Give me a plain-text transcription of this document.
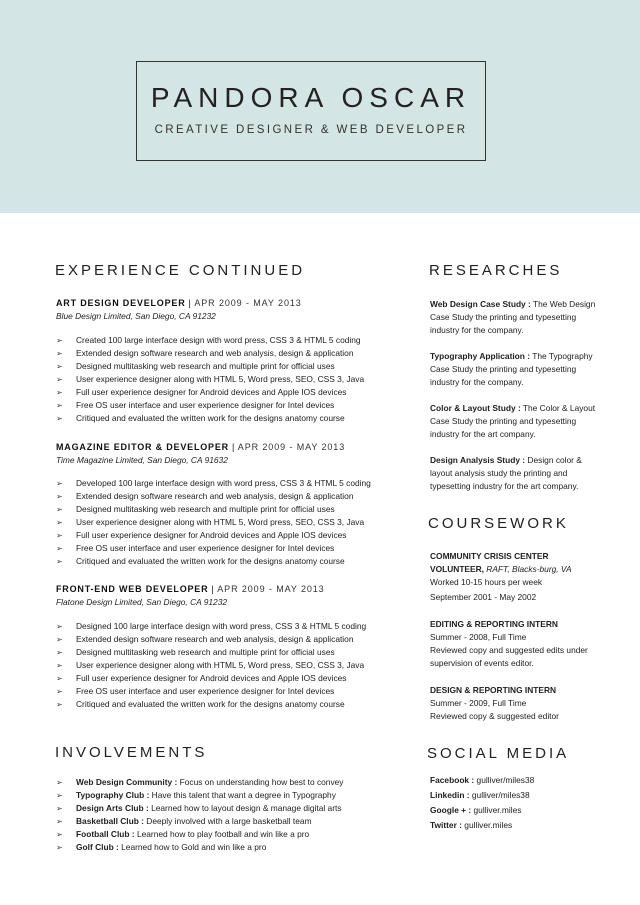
PANDORA OSCAR
CREATIVE DESIGNER & WEB DEVELOPER
EXPERIENCE CONTINUED
ART DESIGN DEVELOPER | APR 2009 - MAY 2013
Blue Design Limited, San Diego, CA 91232
➢ Created 100 large interface design with word press, CSS 3 & HTML 5 coding
➢ Extended design software research and web analysis, design & application
➢ Designed multitasking web research and multiple print for official uses
➢ User experience designer along with HTML 5, Word press, SEO, CSS 3, Java
➢ Full user experience designer for Android devices and Apple IOS devices
➢ Free OS user interface and user experience designer for Intel devices
➢ Critiqued and evaluated the written work for the designs anatomy course
MAGAZINE EDITOR & DEVELOPER | APR 2009 - MAY 2013
Time Magazine Limited, San Diego, CA 91632
➢ Developed 100 large interface design with word press, CSS 3 & HTML 5 coding
➢ Extended design software research and web analysis, design & application
➢ Designed multitasking web research and multiple print for official uses
➢ User experience designer along with HTML 5, Word press, SEO, CSS 3, Java
➢ Full user experience designer for Android devices and Apple IOS devices
➢ Free OS user interface and user experience designer for Intel devices
➢ Critiqued and evaluated the written work for the designs anatomy course
FRONT-END WEB DEVELOPER | APR 2009 - MAY 2013
Flatone Design Limited, San Diego, CA 91232
➢ Designed 100 large interface design with word press, CSS 3 & HTML 5 coding
➢ Extended design software research and web analysis, design & application
➢ Designed multitasking web research and multiple print for official uses
➢ User experience designer along with HTML 5, Word press, SEO, CSS 3, Java
➢ Full user experience designer for Android devices and Apple IOS devices
➢ Free OS user interface and user experience designer for Intel devices
➢ Critiqued and evaluated the written work for the designs anatomy course
INVOLVEMENTS
➢ Web Design Community : Focus on understanding how best to convey
➢ Typography Club : Have this talent that want a degree in Typography
➢ Design Arts Club : Learned how to layout design & manage digital arts
➢ Basketball Club : Deeply involved with a large basketball team
➢ Football Club : Learned how to play football and win like a pro
➢ Golf Club : Learned how to Gold and win like a pro
RESEARCHES
Web Design Case Study : The Web Design Case Study the printing and typesetting industry for the company.
Typography Application : The Typography Case Study the printing and typesetting industry for the company.
Color & Layout Study : The Color & Layout Case Study the printing and typesetting industry for the art company.
Design Analysis Study : Design color & layout analysis study the printing and typesetting industry for the art company.
COURSEWORK
COMMUNITY CRISIS CENTER
VOLUNTEER, RAFT, Blacks-burg, VA
Worked 10-15 hours per week
September 2001 - May 2002
EDITING & REPORTING INTERN
Summer - 2008, Full Time
Reviewed copy and suggested edits under supervision of events editor.
DESIGN & REPORTING INTERN
Summer - 2009, Full Time
Reviewed copy & suggested editor
SOCIAL MEDIA
Facebook : gulliver/miles38
Linkedin : gulliver/miles38
Google + : gulliver.miles
Twitter : gulliver.miles
